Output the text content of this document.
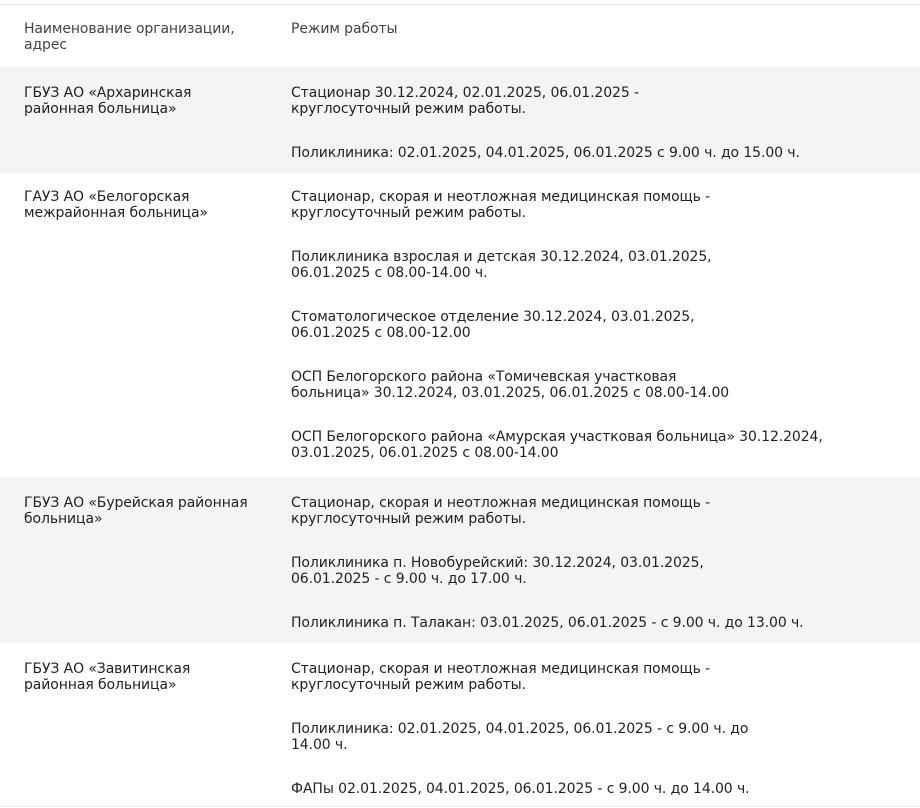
Наименование организации, адрес

Режим работы

ГБУЗ АО «Архаринская районная больница»

Стационар 30.12.2024, 02.01.2025, 06.01.2025 - круглосуточный режим работы.

Поликлиника: 02.01.2025, 04.01.2025, 06.01.2025 с 9.00 ч. до 15.00 ч.

ГАУЗ АО «Белогорская межрайонная больница»

Стационар, скорая и неотложная медицинская помощь - круглосуточный режим работы.

Поликлиника взрослая и детская 30.12.2024, 03.01.2025, 06.01.2025 с 08.00-14.00 ч.

Стоматологическое отделение 30.12.2024, 03.01.2025, 06.01.2025 с 08.00-12.00

ОСП Белогорского района «Томичевская участковая больница» 30.12.2024, 03.01.2025, 06.01.2025 с 08.00-14.00

ОСП Белогорского района «Амурская участковая больница» 30.12.2024, 03.01.2025, 06.01.2025 с 08.00-14.00

ГБУЗ АО «Бурейская районная больница»

Стационар, скорая и неотложная медицинская помощь - круглосуточный режим работы.

Поликлиника п. Новобурейский: 30.12.2024, 03.01.2025, 06.01.2025 - с 9.00 ч. до 17.00 ч.

Поликлиника п. Талакан: 03.01.2025, 06.01.2025 - с 9.00 ч. до 13.00 ч.

ГБУЗ АО «Завитинская районная больница»

Стационар, скорая и неотложная медицинская помощь - круглосуточный режим работы.

Поликлиника: 02.01.2025, 04.01.2025, 06.01.2025 - с 9.00 ч. до 14.00 ч.

ФАПы 02.01.2025, 04.01.2025, 06.01.2025 - с 9.00 ч. до 14.00 ч.
